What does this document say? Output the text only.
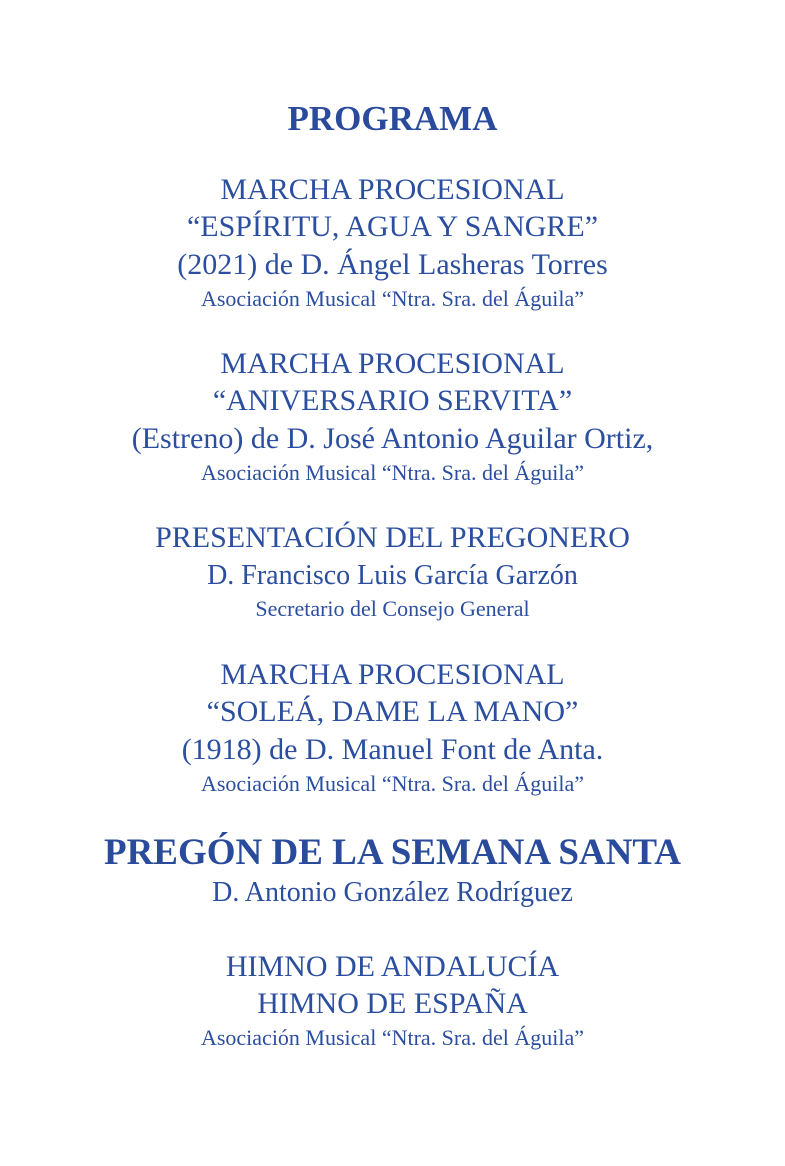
PROGRAMA
MARCHA PROCESIONAL
“ESPÍRITU, AGUA Y SANGRE”
(2021) de D. Ángel Lasheras Torres
Asociación Musical “Ntra. Sra. del Águila”
MARCHA PROCESIONAL
“ANIVERSARIO SERVITA”
(Estreno) de D. José Antonio Aguilar Ortiz,
Asociación Musical “Ntra. Sra. del Águila”
PRESENTACIÓN DEL PREGONERO
D. Francisco Luis García Garzón
Secretario del Consejo General
MARCHA PROCESIONAL
“SOLEÁ, DAME LA MANO”
(1918) de D. Manuel Font de Anta.
Asociación Musical “Ntra. Sra. del Águila”
PREGÓN DE LA SEMANA SANTA
D. Antonio González Rodríguez
HIMNO DE ANDALUCÍA
HIMNO DE ESPAÑA
Asociación Musical “Ntra. Sra. del Águila”
